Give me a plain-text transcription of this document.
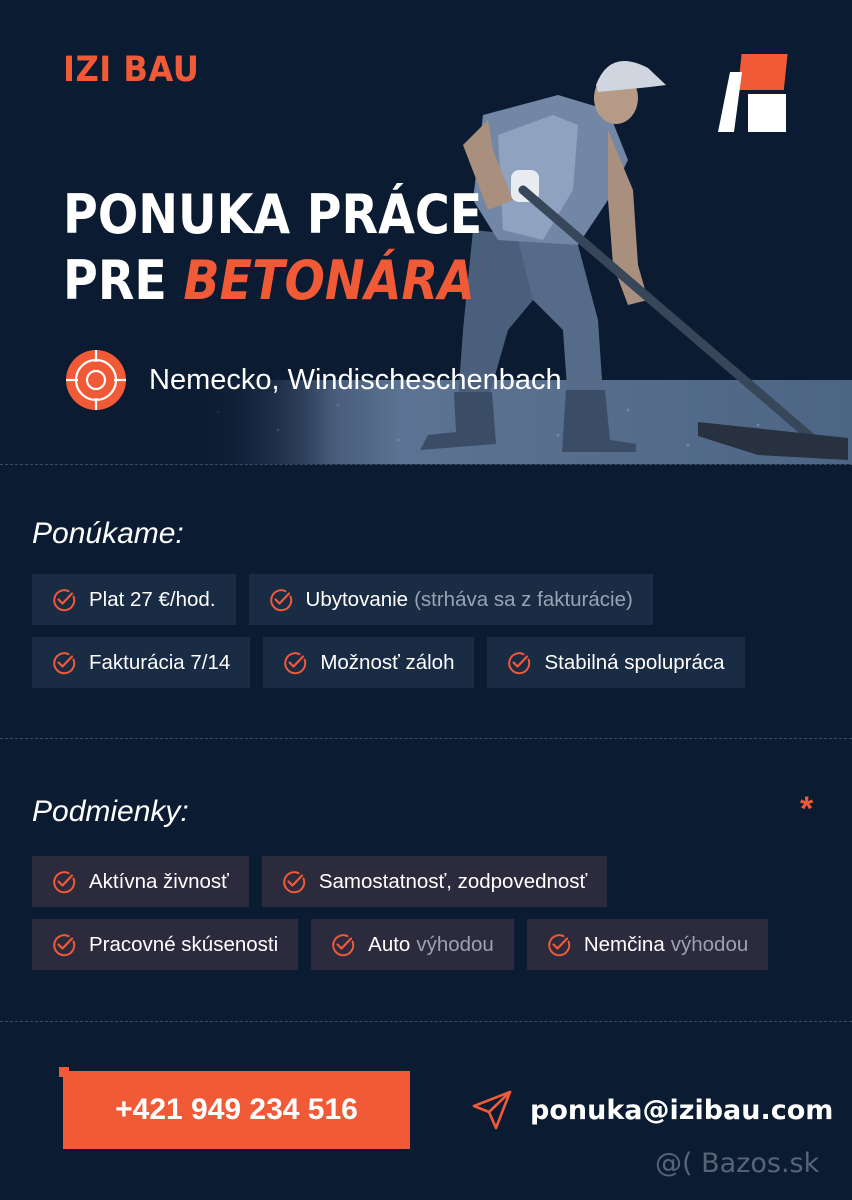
IZI BAU

PONUKA PRÁCE
PRE BETONÁRA
Nemecko, Windischeschenbach
Ponúkame:
Plat 27 €/hod.	Ubytovanie (strháva sa z fakturácie)
Fakturácia 7/14	Možnosť záloh	Stabilná spolupráca
Podmienky:	*
Aktívna živnosť	Samostatnosť, zodpovednosť
Pracovné skúsenosti	Auto výhodou	Nemčina výhodou
+421 949 234 516	ponuka@izibau.com
@( Bazos.sk
